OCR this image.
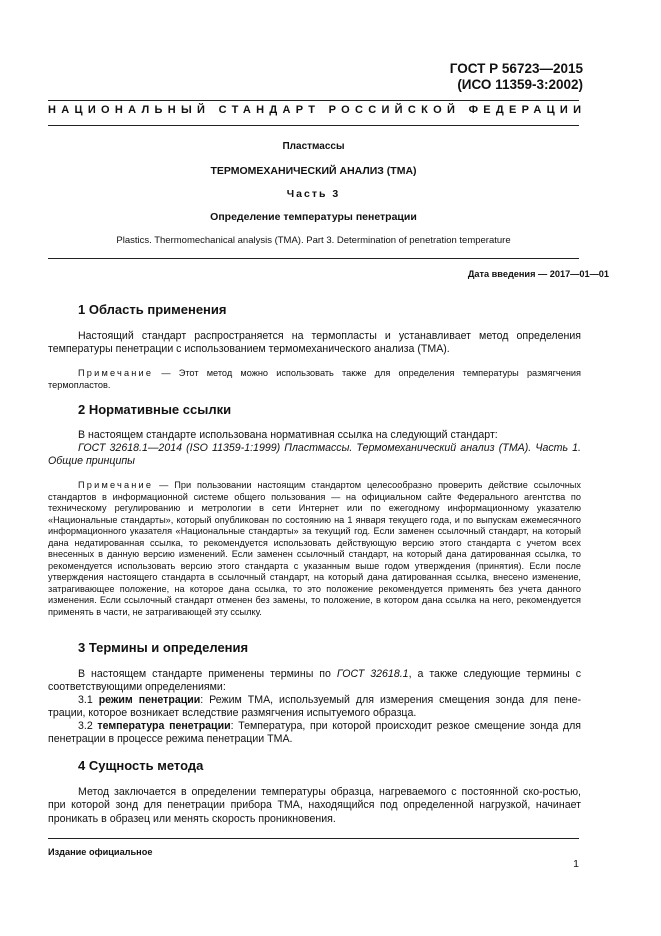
ГОСТ Р 56723—2015
(ИСО 11359-3:2002)
НАЦИОНАЛЬНЫЙ СТАНДАРТ РОССИЙСКОЙ ФЕДЕРАЦИИ
Пластмассы
ТЕРМОМЕХАНИЧЕСКИЙ АНАЛИЗ (ТМА)
Часть 3
Определение температуры пенетрации
Plastics. Thermomechanical analysis (TMA). Part 3. Determination of penetration temperature
Дата введения — 2017—01—01
1 Область применения
Настоящий стандарт распространяется на термопласты и устанавливает метод определения температуры пенетрации с использованием термомеханического анализа (ТМА).
Примечание — Этот метод можно использовать также для определения температуры размягчения термопластов.
2 Нормативные ссылки
В настоящем стандарте использована нормативная ссылка на следующий стандарт:
ГОСТ 32618.1—2014 (ISO 11359-1:1999) Пластмассы. Термомеханический анализ (ТМА). Часть 1. Общие принципы
Примечание — При пользовании настоящим стандартом целесообразно проверить действие ссылочных стандартов в информационной системе общего пользования — на официальном сайте Федерального агентства по техническому регулированию и метрологии в сети Интернет или по ежегодному информационному указателю «Национальные стандарты», который опубликован по состоянию на 1 января текущего года, и по выпускам ежемесячного информационного указателя «Национальные стандарты» за текущий год. Если заменен ссылочный стандарт, на который дана недатированная ссылка, то рекомендуется использовать действующую версию этого стандарта с учетом всех внесенных в данную версию изменений. Если заменен ссылочный стандарт, на который дана датированная ссылка, то рекомендуется использовать версию этого стандарта с указанным выше годом утверждения (принятия). Если после утверждения настоящего стандарта в ссылочный стандарт, на который дана датированная ссылка, внесено изменение, затрагивающее положение, на которое дана ссылка, то это положение рекомендуется применять без учета данного изменения. Если ссылочный стандарт отменен без замены, то положение, в котором дана ссылка на него, рекомендуется применять в части, не затрагивающей эту ссылку.
3 Термины и определения
В настоящем стандарте применены термины по ГОСТ 32618.1, а также следующие термины с соответствующими определениями:
3.1 режим пенетрации: Режим ТМА, используемый для измерения смещения зонда для пене-трации, которое возникает вследствие размягчения испытуемого образца.
3.2 температура пенетрации: Температура, при которой происходит резкое смещение зонда для пенетрации в процессе режима пенетрации ТМА.
4 Сущность метода
Метод заключается в определении температуры образца, нагреваемого с постоянной ско-ростью, при которой зонд для пенетрации прибора ТМА, находящийся под определенной нагрузкой, начинает проникать в образец или менять скорость проникновения.
Издание официальное
1
